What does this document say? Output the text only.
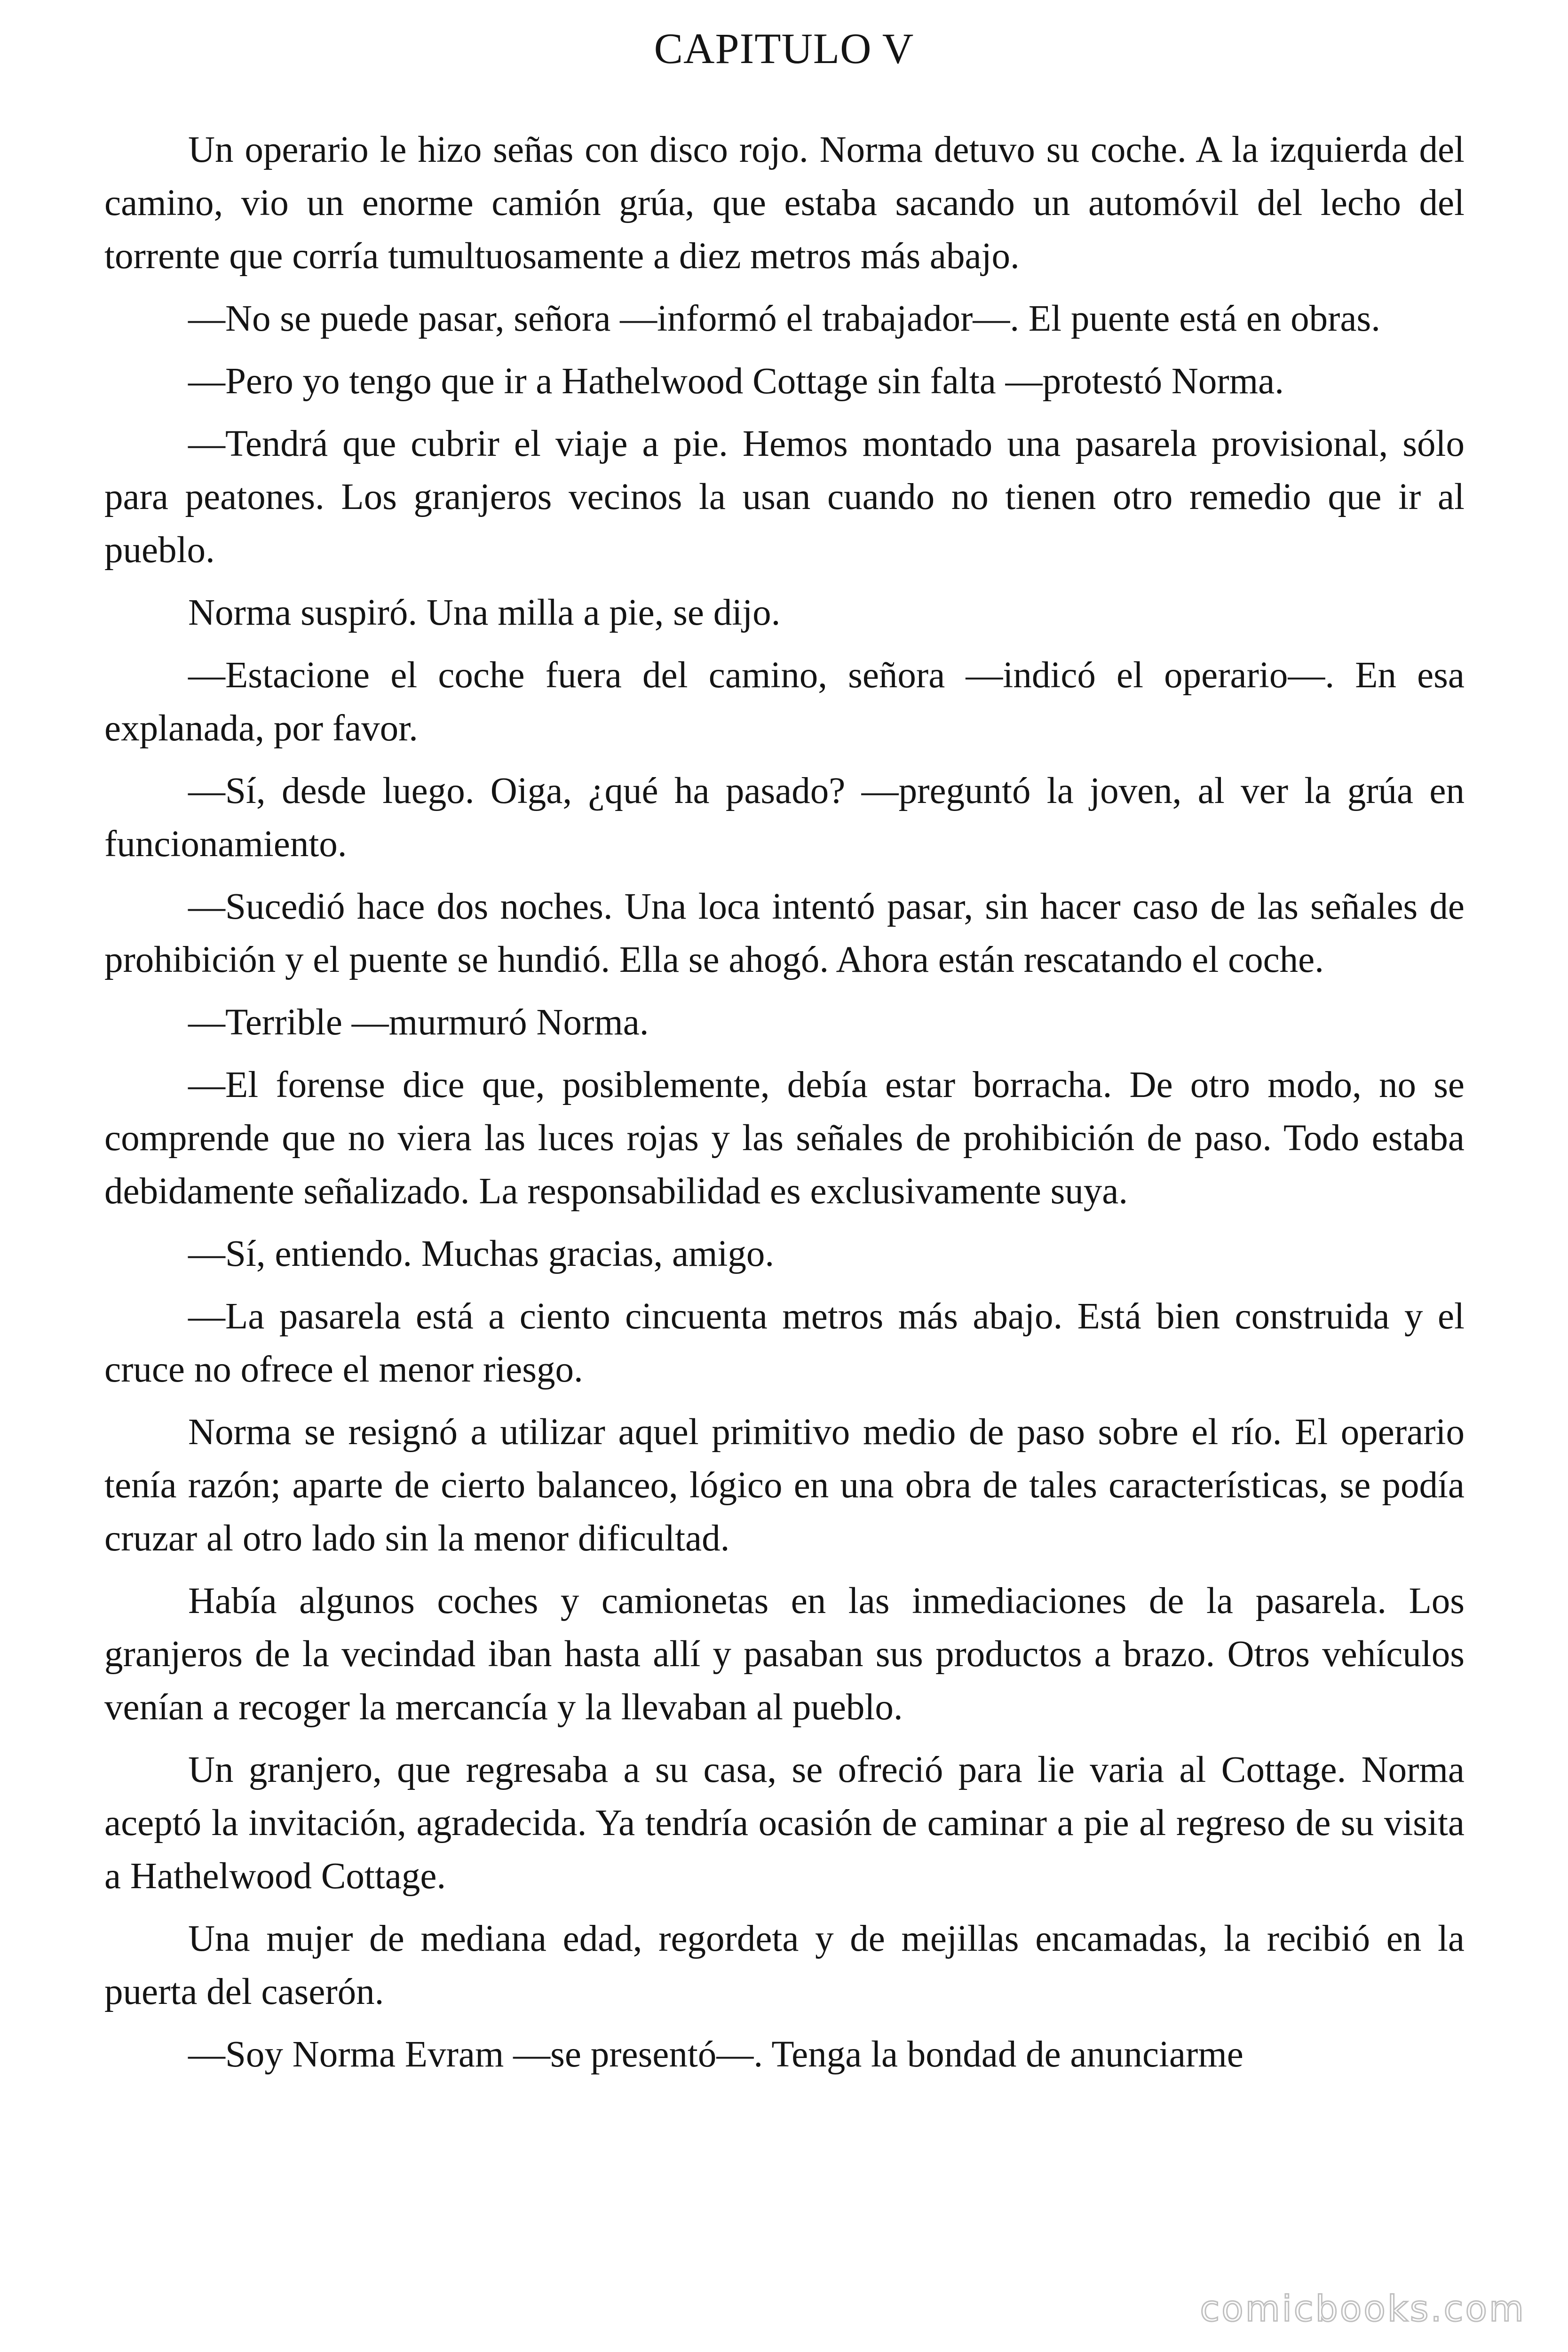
CAPITULO V

Un operario le hizo señas con disco rojo. Norma detuvo su coche. A la izquierda del camino, vio un enorme camión grúa, que estaba sacando un automóvil del lecho del torrente que corría tumultuosamente a diez metros más abajo.

—No se puede pasar, señora —informó el trabajador—. El puente está en obras.

—Pero yo tengo que ir a Hathelwood Cottage sin falta —protestó Norma.

—Tendrá que cubrir el viaje a pie. Hemos montado una pasarela provisional, sólo para peatones. Los granjeros vecinos la usan cuando no tienen otro remedio que ir al pueblo.

Norma suspiró. Una milla a pie, se dijo.

—Estacione el coche fuera del camino, señora —indicó el operario—. En esa explanada, por favor.

—Sí, desde luego. Oiga, ¿qué ha pasado? —preguntó la joven, al ver la grúa en funcionamiento.

—Sucedió hace dos noches. Una loca intentó pasar, sin hacer caso de las señales de prohibición y el puente se hundió. Ella se ahogó. Ahora están rescatando el coche.

—Terrible —murmuró Norma.

—El forense dice que, posiblemente, debía estar borracha. De otro modo, no se comprende que no viera las luces rojas y las señales de prohibición de paso. Todo estaba debidamente señalizado. La responsabilidad es exclusivamente suya.

—Sí, entiendo. Muchas gracias, amigo.

—La pasarela está a ciento cincuenta metros más abajo. Está bien construida y el cruce no ofrece el menor riesgo.

Norma se resignó a utilizar aquel primitivo medio de paso sobre el río. El operario tenía razón; aparte de cierto balanceo, lógico en una obra de tales características, se podía cruzar al otro lado sin la menor dificultad.

Había algunos coches y camionetas en las inmediaciones de la pasarela. Los granjeros de la vecindad iban hasta allí y pasaban sus productos a brazo. Otros vehículos venían a recoger la mercancía y la llevaban al pueblo.

Un granjero, que regresaba a su casa, se ofreció para lie varia al Cottage. Norma aceptó la invitación, agradecida. Ya tendría ocasión de caminar a pie al regreso de su visita a Hathelwood Cottage.

Una mujer de mediana edad, regordeta y de mejillas encamadas, la recibió en la puerta del caserón.

—Soy Norma Evram —se presentó—. Tenga la bondad de anunciarme

comicbooks.com
